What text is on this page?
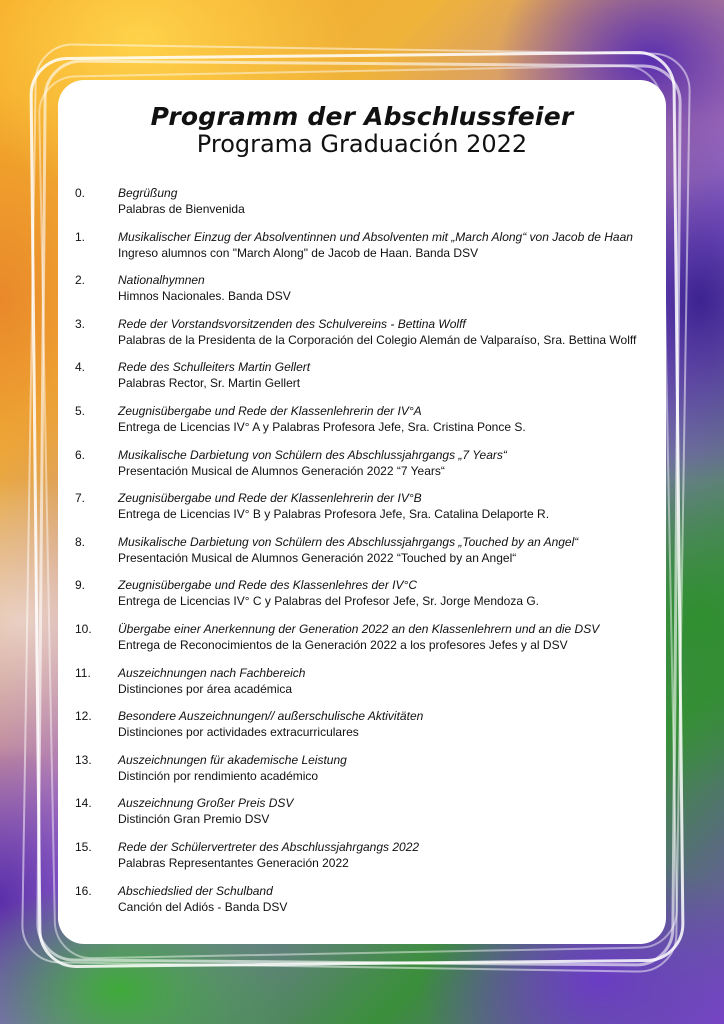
Programm der Abschlussfeier
Programa Graduación 2022
0.	Begrüßung
Palabras de Bienvenida
1.	Musikalischer Einzug der Absolventinnen und Absolventen mit „March Along“ von Jacob de Haan
Ingreso alumnos con "March Along" de Jacob de Haan. Banda DSV
2.	Nationalhymnen
Himnos Nacionales. Banda DSV
3.	Rede der Vorstandsvorsitzenden des Schulvereins - Bettina Wolff
Palabras de la Presidenta de la Corporación del Colegio Alemán de Valparaíso, Sra. Bettina Wolff
4.	Rede des Schulleiters Martin Gellert
Palabras Rector, Sr. Martin Gellert
5.	Zeugnisübergabe und Rede der Klassenlehrerin der IV°A
Entrega de Licencias IV° A y Palabras Profesora Jefe, Sra. Cristina Ponce S.
6.	Musikalische Darbietung von Schülern des Abschlussjahrgangs „7 Years“
Presentación Musical de Alumnos Generación 2022 “7 Years“
7.	Zeugnisübergabe und Rede der Klassenlehrerin der IV°B
Entrega de Licencias IV° B y Palabras Profesora Jefe, Sra. Catalina Delaporte R.
8.	Musikalische Darbietung von Schülern des Abschlussjahrgangs „Touched by an Angel“
Presentación Musical de Alumnos Generación 2022 “Touched by an Angel“
9.	Zeugnisübergabe und Rede des Klassenlehres der IV°C
Entrega de Licencias IV° C y Palabras del Profesor Jefe, Sr. Jorge Mendoza G.
10. Übergabe einer Anerkennung der Generation 2022 an den Klassenlehrern und an die DSV
Entrega de Reconocimientos de la Generación 2022 a los profesores Jefes y al DSV
11. Auszeichnungen nach Fachbereich
Distinciones por área académica
12. Besondere Auszeichnungen// außerschulische Aktivitäten
Distinciones por actividades extracurriculares
13. Auszeichnungen für akademische Leistung
Distinción por rendimiento académico
14. Auszeichnung Großer Preis DSV
Distinción Gran Premio DSV
15. Rede der Schülervertreter des Abschlussjahrgangs 2022
Palabras Representantes Generación 2022
16. Abschiedslied der Schulband
Canción del Adiós - Banda DSV
